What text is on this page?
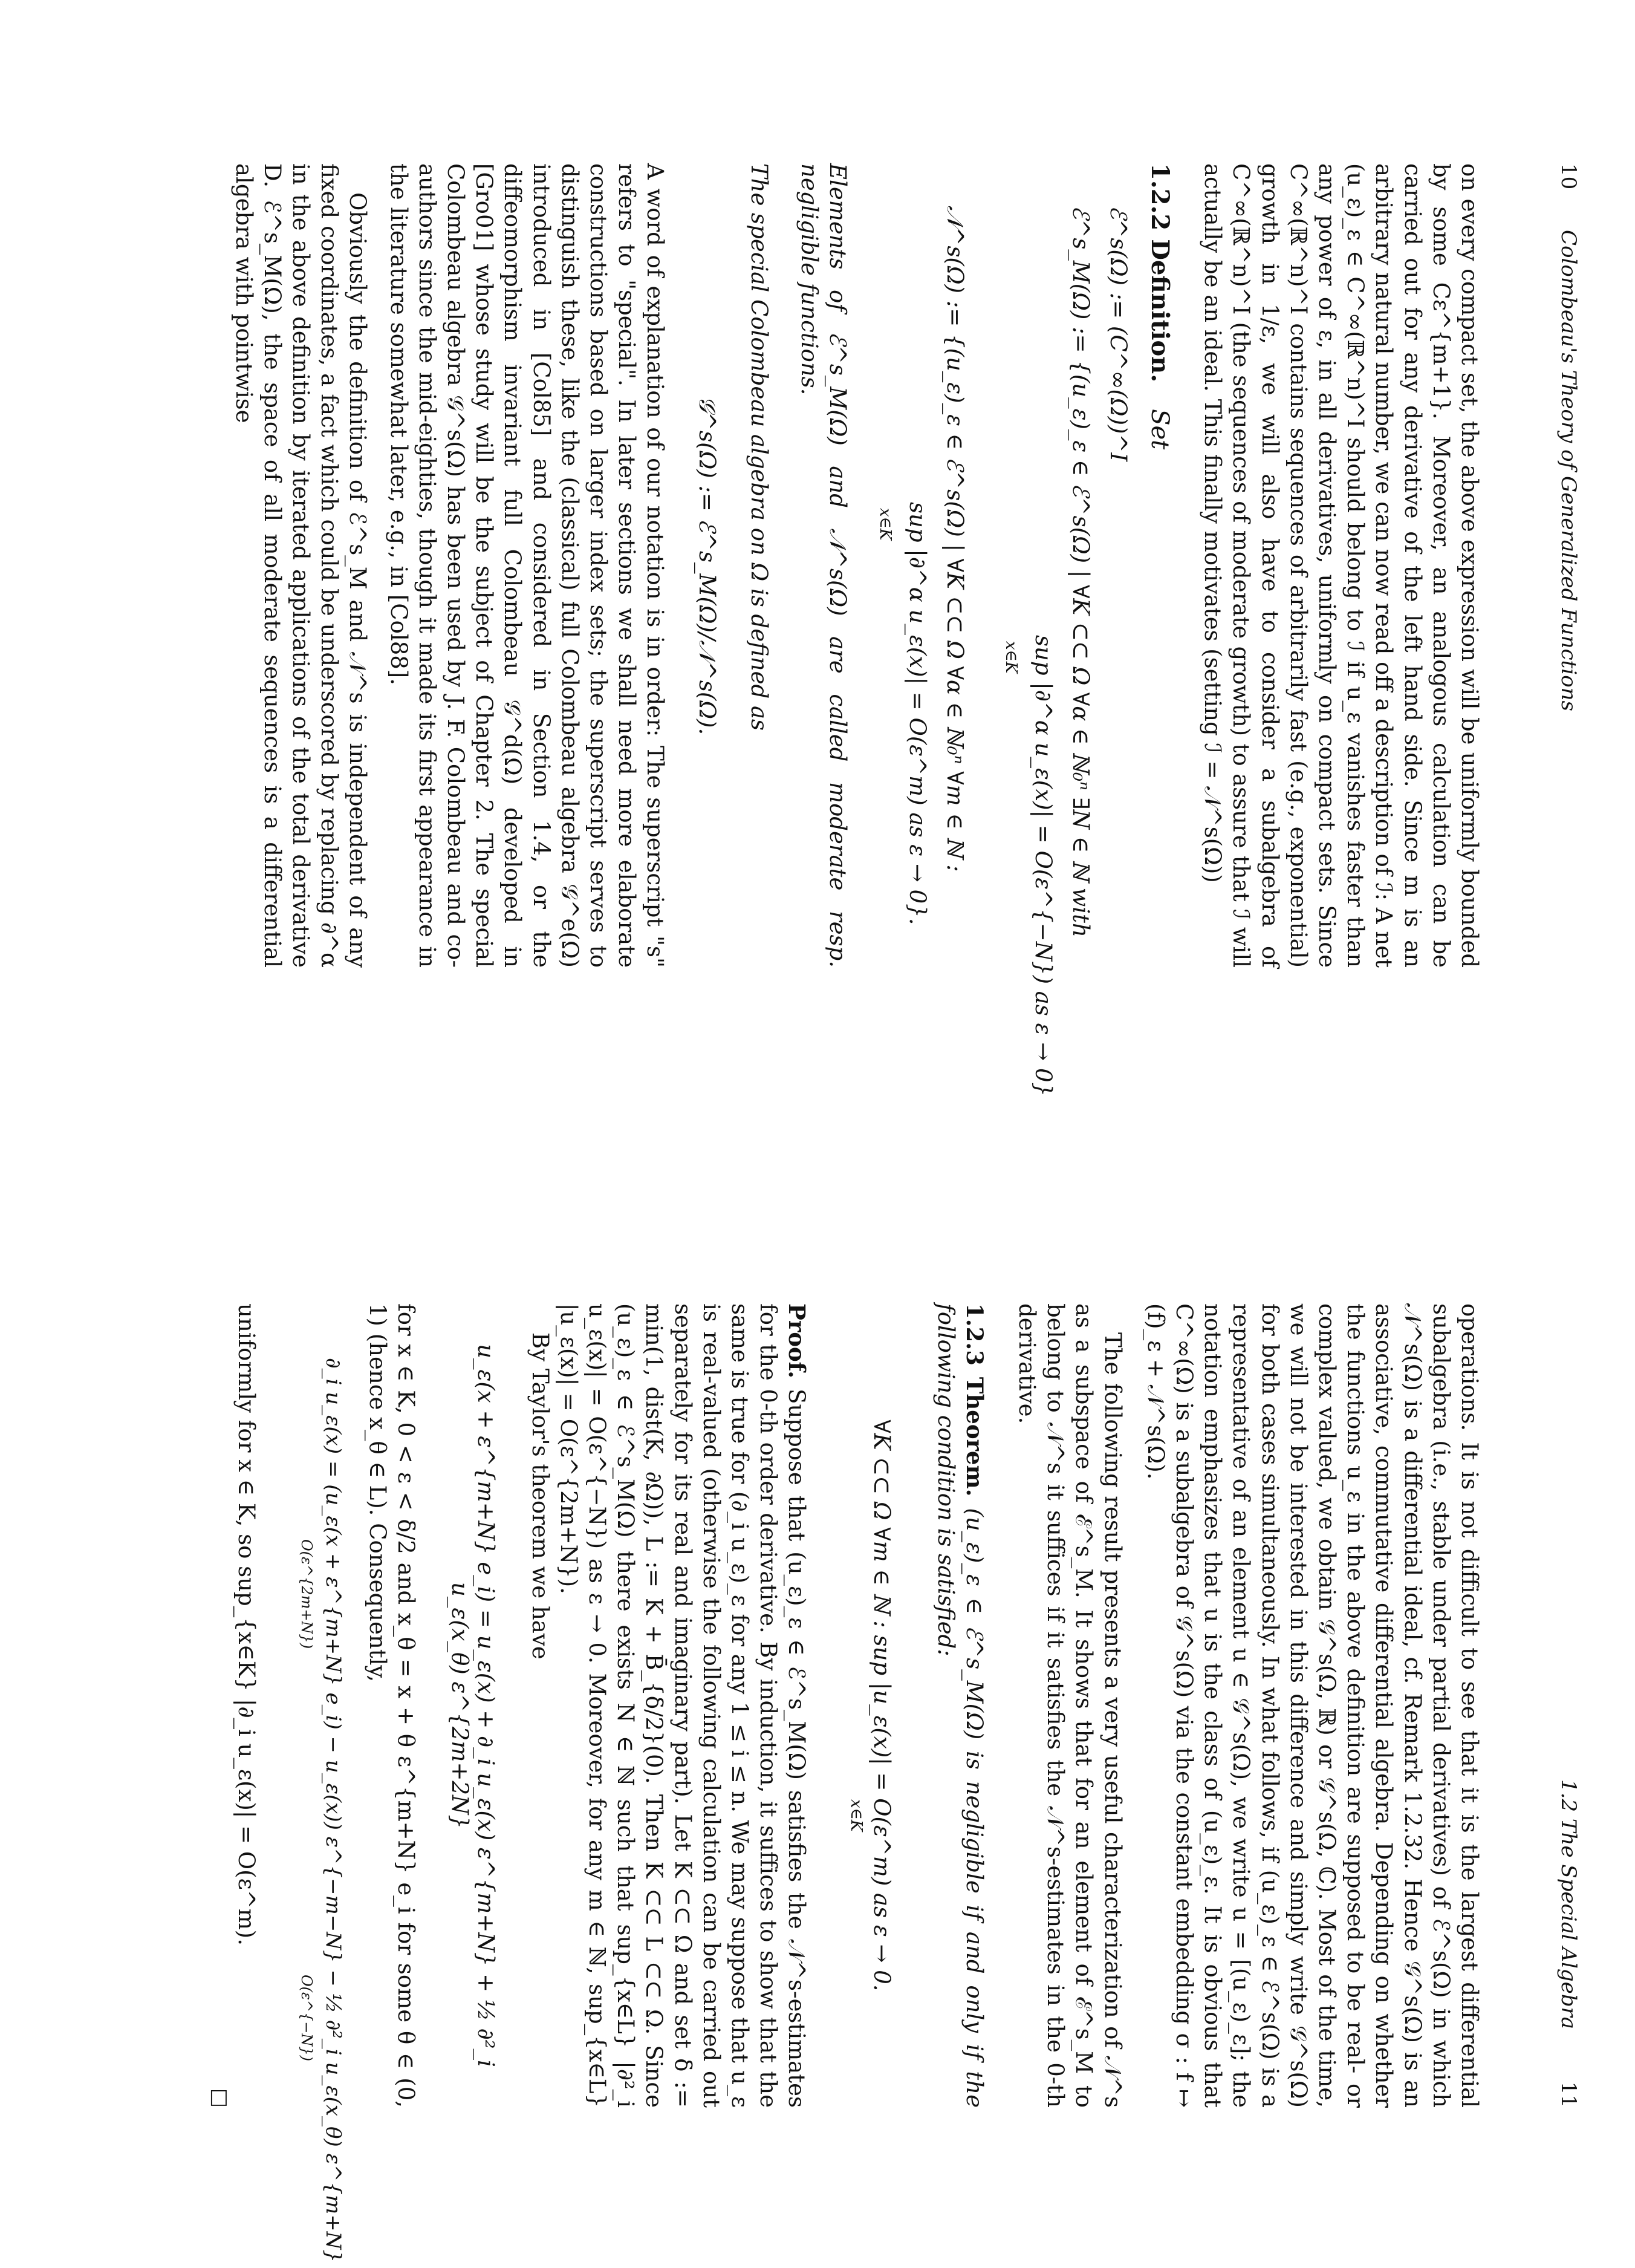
10
Colombeau's Theory of Generalized Functions

on every compact set, the above expression will be uniformly bounded by some Cε^{m+1}. Moreover, an analogous calculation can be carried out for any derivative of the left hand side. Since m is an arbitrary natural number, we can now read off a description of ℐ: A net (u_ε)_ε ∈ C^∞(ℝ^n)^I should belong to ℐ if u_ε vanishes faster than any power of ε, in all derivatives, uniformly on compact sets. Since C^∞(ℝ^n)^I contains sequences of arbitrarily fast (e.g., exponential) growth in 1/ε, we will also have to consider a subalgebra of C^∞(ℝ^n)^I (the sequences of moderate growth) to assure that ℐ will actually be an ideal. This finally motivates (setting ℐ = 𝒩^s(Ω))

1.2.2 Definition. Set
ℰ^s(Ω) := (C^∞(Ω))^I
ℰ^s_M(Ω) := {(u_ε)_ε ∈ ℰ^s(Ω) | ∀K ⊂⊂ Ω ∀α ∈ ℕ₀ⁿ ∃N ∈ ℕ with
sup |∂^α u_ε(x)| = O(ε^{−N}) as ε → 0}
x∈K
𝒩^s(Ω) := {(u_ε)_ε ∈ ℰ^s(Ω) | ∀K ⊂⊂ Ω ∀α ∈ ℕ₀ⁿ ∀m ∈ ℕ :
sup |∂^α u_ε(x)| = O(ε^m) as ε → 0}.
x∈K

Elements of ℰ^s_M(Ω) and 𝒩^s(Ω) are called moderate resp. negligible functions.

The special Colombeau algebra on Ω is defined as

𝒢^s(Ω) := ℰ^s_M(Ω)/𝒩^s(Ω).

A word of explanation of our notation is in order: The superscript "s" refers to "special". In later sections we shall need more elaborate constructions based on larger index sets; the superscript serves to distinguish these, like the (classical) full Colombeau algebra 𝒢^e(Ω) introduced in [Col85] and considered in Section 1.4, or the diffeomorphism invariant full Colombeau 𝒢^d(Ω) developed in [Gro01] whose study will be the subject of Chapter 2. The special Colombeau algebra 𝒢^s(Ω) has been used by J. F. Colombeau and co-authors since the mid-eighties, though it made its first appearance in the literature somewhat later, e.g., in [Col88].

Obviously the definition of ℰ^s_M and 𝒩^s is independent of any fixed coordinates, a fact which could be underscored by replacing ∂^α in the above definition by iterated applications of the total derivative D. ℰ^s_M(Ω), the space of all moderate sequences is a differential algebra with pointwise

1.2 The Special Algebra
11

operations. It is not difficult to see that it is the largest differential subalgebra (i.e., stable under partial derivatives) of ℰ^s(Ω) in which 𝒩^s(Ω) is a differential ideal, cf. Remark 1.2.32. Hence 𝒢^s(Ω) is an associative, commutative differential algebra. Depending on whether the functions u_ε in the above definition are supposed to be real- or complex valued, we obtain 𝒢^s(Ω, ℝ) or 𝒢^s(Ω, ℂ). Most of the time, we will not be interested in this difference and simply write 𝒢^s(Ω) for both cases simultaneously. In what follows, if (u_ε)_ε ∈ ℰ^s(Ω) is a representative of an element u ∈ 𝒢^s(Ω), we write u = [(u_ε)_ε]; the notation emphasizes that u is the class of (u_ε)_ε. It is obvious that C^∞(Ω) is a subalgebra of 𝒢^s(Ω) via the constant embedding σ : f ↦ (f)_ε + 𝒩^s(Ω).

The following result presents a very useful characterization of 𝒩^s as a subspace of ℰ^s_M. It shows that for an element of ℰ^s_M to belong to 𝒩^s it suffices if it satisfies the 𝒩^s-estimates in the 0-th derivative.

1.2.3 Theorem. (u_ε)_ε ∈ ℰ^s_M(Ω) is negligible if and only if the following condition is satisfied:

∀K ⊂⊂ Ω ∀m ∈ ℕ : sup |u_ε(x)| = O(ε^m) as ε → 0.
x∈K

Proof. Suppose that (u_ε)_ε ∈ ℰ^s_M(Ω) satisfies the 𝒩^s-estimates for the 0-th order derivative. By induction, it suffices to show that the same is true for (∂_i u_ε)_ε for any 1 ≤ i ≤ n. We may suppose that u_ε is real-valued (otherwise the following calculation can be carried out separately for its real and imaginary part). Let K ⊂⊂ Ω and set δ := min(1, dist(K, ∂Ω)), L := K + B̄_{δ/2}(0). Then K ⊂⊂ L ⊂⊂ Ω. Since (u_ε)_ε ∈ ℰ^s_M(Ω) there exists N ∈ ℕ such that sup_{x∈L} |∂²_i u_ε(x)| = O(ε^{−N}) as ε → 0. Moreover, for any m ∈ ℕ, sup_{x∈L} |u_ε(x)| = O(ε^{2m+N}).

By Taylor's theorem we have

u_ε(x + ε^{m+N} e_i) = u_ε(x) + ∂_i u_ε(x) ε^{m+N} + ½ ∂²_i u_ε(x_θ) ε^{2m+2N}

for x ∈ K, 0 < ε < δ/2 and x_θ = x + θ ε^{m+N} e_i for some θ ∈ (0, 1) (hence x_θ ∈ L). Consequently,

∂_i u_ε(x) = (u_ε(x + ε^{m+N} e_i) − u_ε(x)) ε^{−m−N} − ½ ∂²_i u_ε(x_θ) ε^{m+N}
O(ε^{2m+N})
O(ε^{−N})

uniformly for x ∈ K, so sup_{x∈K} |∂_i u_ε(x)| = O(ε^m).

□
